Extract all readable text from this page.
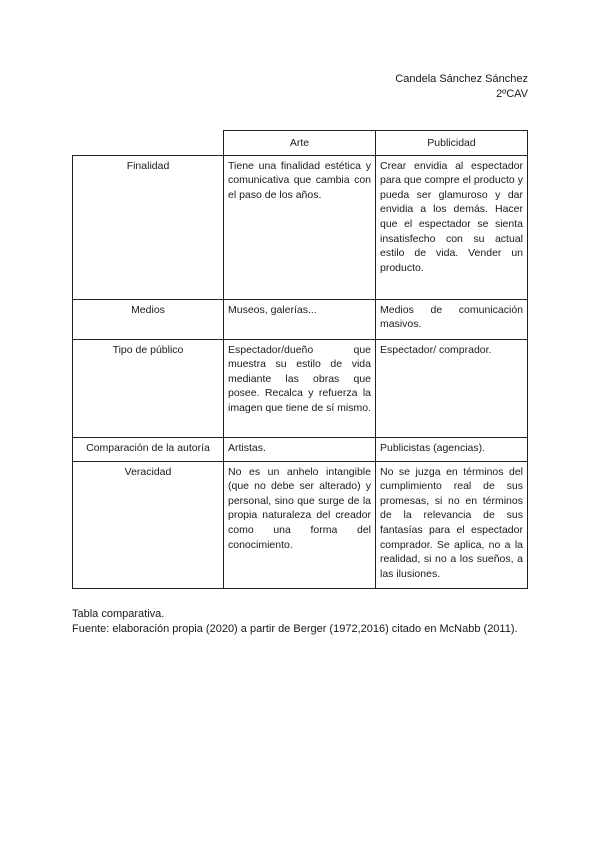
Candela Sánchez Sánchez
2ºCAV
	Arte	Publicidad
Finalidad	Tiene una finalidad estética y comunicativa que cambia con el paso de los años.	Crear envidia al espectador para que compre el producto y pueda ser glamuroso y dar envidia a los demás. Hacer que el espectador se sienta insatisfecho con su actual estilo de vida. Vender un producto.
Medios	Museos, galerías...	Medios de comunicación masivos.
Tipo de público	Espectador/dueño que muestra su estilo de vida mediante las obras que posee. Recalca y refuerza la imagen que tiene de sí mismo.	Espectador/ comprador.
Comparación de la autoría	Artistas.	Publicistas (agencias).
Veracidad	No es un anhelo intangible (que no debe ser alterado) y personal, sino que surge de la propia naturaleza del creador como una forma del conocimiento.	No se juzga en términos del cumplimiento real de sus promesas, si no en términos de la relevancia de sus fantasías para el espectador comprador. Se aplica, no a la realidad, si no a los sueños, a las ilusiones.
Tabla comparativa.
Fuente: elaboración propia (2020) a partir de Berger (1972,2016) citado en McNabb (2011).
